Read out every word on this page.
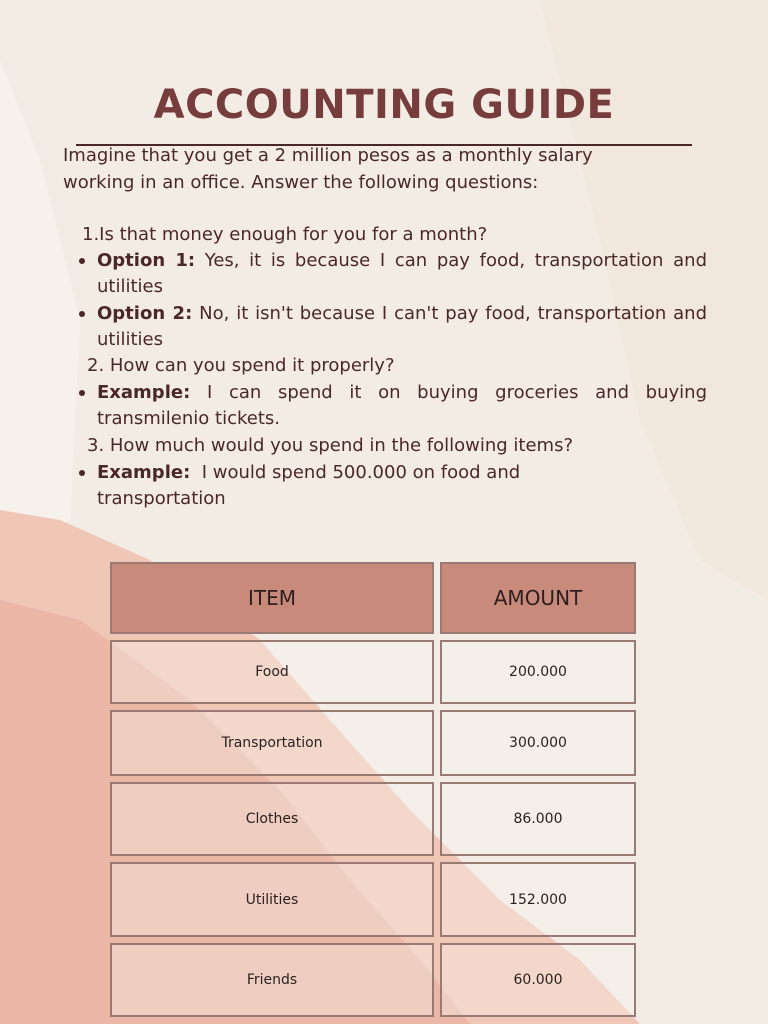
ACCOUNTING GUIDE
Imagine that you get a 2 million pesos as a monthly salary
working in an office. Answer the following questions:
1.Is that money enough for you for a month?
Option 1: Yes, it is because I can pay food, transportation and utilities
Option 2: No, it isn't because I can't pay food, transportation and utilities
2. How can you spend it properly?
Example: I can spend it on buying groceries and buying transmilenio tickets.
3. How much would you spend in the following items?
Example:  I would spend 500.000 on food and transportation
ITEM	AMOUNT
Food	200.000
Transportation	300.000
Clothes	86.000
Utilities	152.000
Friends	60.000
